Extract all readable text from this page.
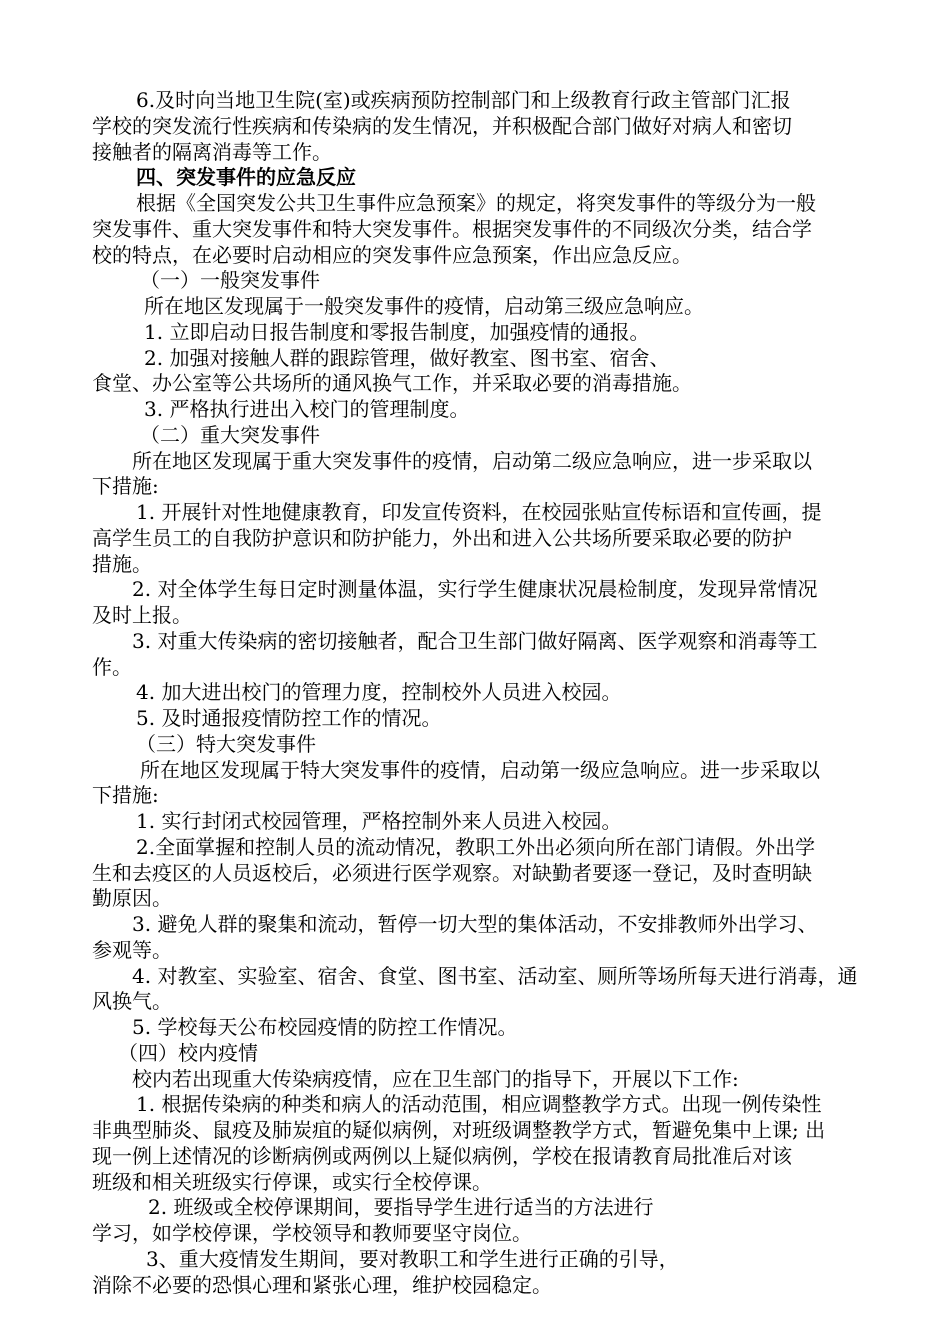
6.及时向当地卫生院(室)或疾病预防控制部门和上级教育行政主管部门汇报
学校的突发流行性疾病和传染病的发生情况，并积极配合部门做好对病人和密切
接触者的隔离消毒等工作。
四、突发事件的应急反应
根据《全国突发公共卫生事件应急预案》的规定，将突发事件的等级分为一般
突发事件、重大突发事件和特大突发事件。根据突发事件的不同级次分类，结合学
校的特点，在必要时启动相应的突发事件应急预案，作出应急反应。
（一）一般突发事件
所在地区发现属于一般突发事件的疫情，启动第三级应急响应。
1. 立即启动日报告制度和零报告制度，加强疫情的通报。
2. 加强对接触人群的跟踪管理，做好教室、图书室、宿舍、
食堂、办公室等公共场所的通风换气工作，并采取必要的消毒措施。
3. 严格执行进出入校门的管理制度。
（二）重大突发事件
所在地区发现属于重大突发事件的疫情，启动第二级应急响应，进一步采取以
下措施:
1. 开展针对性地健康教育，印发宣传资料，在校园张贴宣传标语和宣传画，提
高学生员工的自我防护意识和防护能力，外出和进入公共场所要采取必要的防护
措施。
2. 对全体学生每日定时测量体温，实行学生健康状况晨检制度，发现异常情况
及时上报。
3. 对重大传染病的密切接触者，配合卫生部门做好隔离、医学观察和消毒等工
作。
4. 加大进出校门的管理力度，控制校外人员进入校园。
5. 及时通报疫情防控工作的情况。
（三）特大突发事件
所在地区发现属于特大突发事件的疫情，启动第一级应急响应。进一步采取以
下措施:
1. 实行封闭式校园管理，严格控制外来人员进入校园。
2.全面掌握和控制人员的流动情况，教职工外出必须向所在部门请假。外出学
生和去疫区的人员返校后，必须进行医学观察。对缺勤者要逐一登记，及时查明缺
勤原因。
3. 避免人群的聚集和流动，暂停一切大型的集体活动，不安排教师外出学习、
参观等。
4. 对教室、实验室、宿舍、食堂、图书室、活动室、厕所等场所每天进行消毒，通
风换气。
5. 学校每天公布校园疫情的防控工作情况。
（四）校内疫情
校内若出现重大传染病疫情，应在卫生部门的指导下，开展以下工作:
1. 根据传染病的种类和病人的活动范围，相应调整教学方式。出现一例传染性
非典型肺炎、鼠疫及肺炭疽的疑似病例，对班级调整教学方式，暂避免集中上课; 出
现一例上述情况的诊断病例或两例以上疑似病例，学校在报请教育局批准后对该
班级和相关班级实行停课，或实行全校停课。
2. 班级或全校停课期间，要指导学生进行适当的方法进行
学习，如学校停课，学校领导和教师要坚守岗位。
3、重大疫情发生期间，要对教职工和学生进行正确的引导，
消除不必要的恐惧心理和紧张心理，维护校园稳定。
